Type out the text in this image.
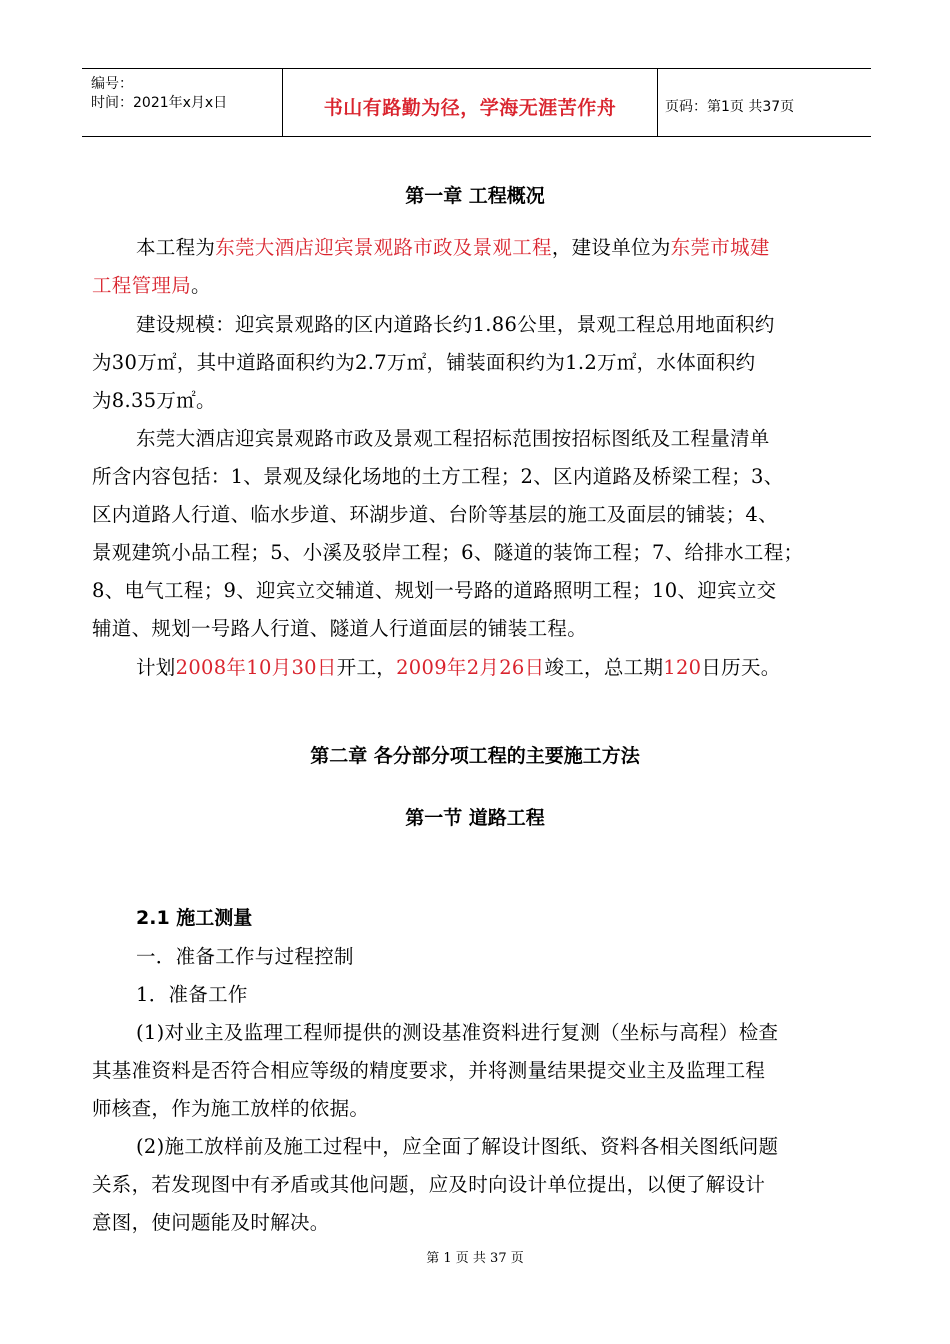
编号：
时间：2021年x月x日	书山有路勤为径，学海无涯苦作舟	页码：第1页 共37页
第一章 工程概况
本工程为东莞大酒店迎宾景观路市政及景观工程，建设单位为东莞市城建
工程管理局。
建设规模：迎宾景观路的区内道路长约1.86公里，景观工程总用地面积约
为30万㎡，其中道路面积约为2.7万㎡，铺装面积约为1.2万㎡，水体面积约
为8.35万㎡。
东莞大酒店迎宾景观路市政及景观工程招标范围按招标图纸及工程量清单
所含内容包括：1、景观及绿化场地的土方工程；2、区内道路及桥梁工程；3、
区内道路人行道、临水步道、环湖步道、台阶等基层的施工及面层的铺装；4、
景观建筑小品工程；5、小溪及驳岸工程；6、隧道的装饰工程；7、给排水工程；
8、电气工程；9、迎宾立交辅道、规划一号路的道路照明工程；10、迎宾立交
辅道、规划一号路人行道、隧道人行道面层的铺装工程。
计划2008年10月30日开工，2009年2月26日竣工，总工期120日历天。
第二章 各分部分项工程的主要施工方法
第一节 道路工程
2.1 施工测量
一．准备工作与过程控制
1．准备工作
(1)对业主及监理工程师提供的测设基准资料进行复测（坐标与高程）检查
其基准资料是否符合相应等级的精度要求，并将测量结果提交业主及监理工程
师核查，作为施工放样的依据。
(2)施工放样前及施工过程中，应全面了解设计图纸、资料各相关图纸问题
关系，若发现图中有矛盾或其他问题，应及时向设计单位提出，以便了解设计
意图，使问题能及时解决。
第 1 页 共 37 页
